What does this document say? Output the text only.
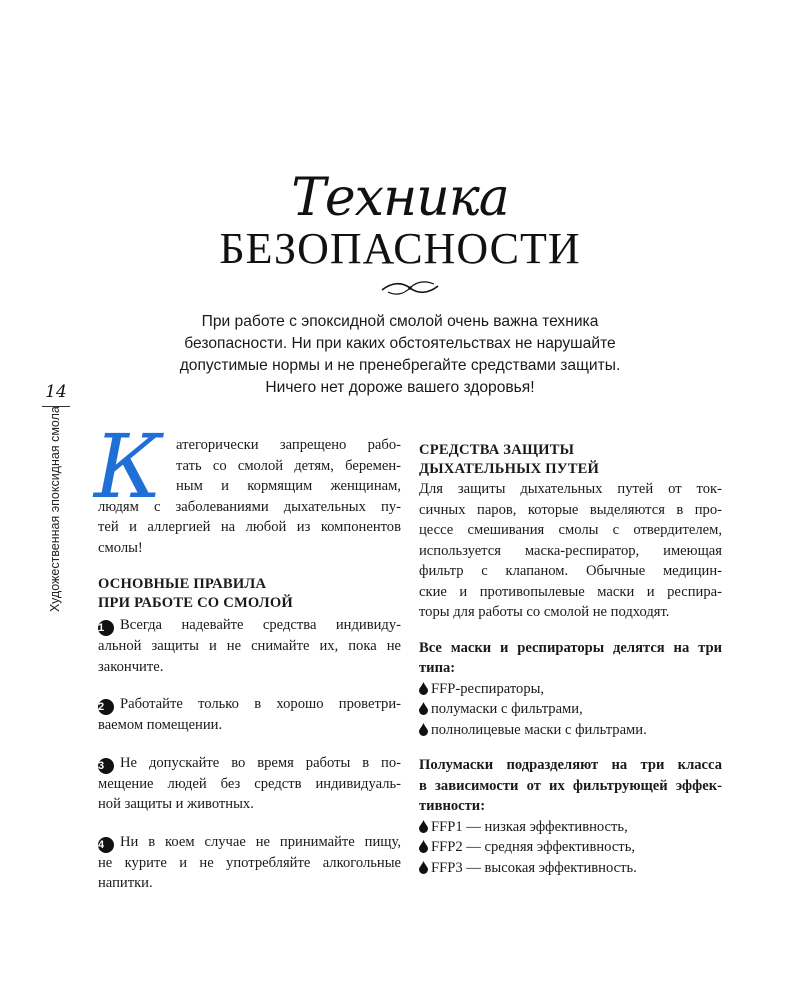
Техника
БЕЗОПАСНОСТИ
При работе с эпоксидной смолой очень важна техника
безопасности. Ни при каких обстоятельствах не нарушайте
допустимые нормы и не пренебрегайте средствами защиты.
Ничего нет дороже вашего здоровья!
14
Художественная эпоксидная смола К атегорически запрещено рабо-
тать со смолой детям, беремен-
ным и кормящим женщинам,
людям с заболеваниями дыхательных пу-
тей и аллергией на любой из компонентов
смолы!
ОСНОВНЫЕ ПРАВИЛА
ПРИ РАБОТЕ СО СМОЛОЙ
1 Всегда надевайте средства индивиду-
альной защиты и не снимайте их, пока не
закончите.
2 Работайте только в хорошо проветри-
ваемом помещении.
3 Не допускайте во время работы в по-
мещение людей без средств индивидуаль-
ной защиты и животных.
4 Ни в коем случае не принимайте пищу,
не курите и не употребляйте алкогольные
напитки.
СРЕДСТВА ЗАЩИТЫ
ДЫХАТЕЛЬНЫХ ПУТЕЙ
Для защиты дыхательных путей от ток-
сичных паров, которые выделяются в про-
цессе смешивания смолы с отвердителем,
используется маска-респиратор, имеющая
фильтр с клапаном. Обычные медицин-
ские и противопылевые маски и респира-
торы для работы со смолой не подходят.
Все маски и респираторы делятся на три
типа:
FFP-респираторы,
полумаски с фильтрами,
полнолицевые маски с фильтрами.
Полумаски подразделяют на три класса
в зависимости от их фильтрующей эффек-
тивности:
FFP1 — низкая эффективность,
FFP2 — средняя эффективность,
FFP3 — высокая эффективность.
